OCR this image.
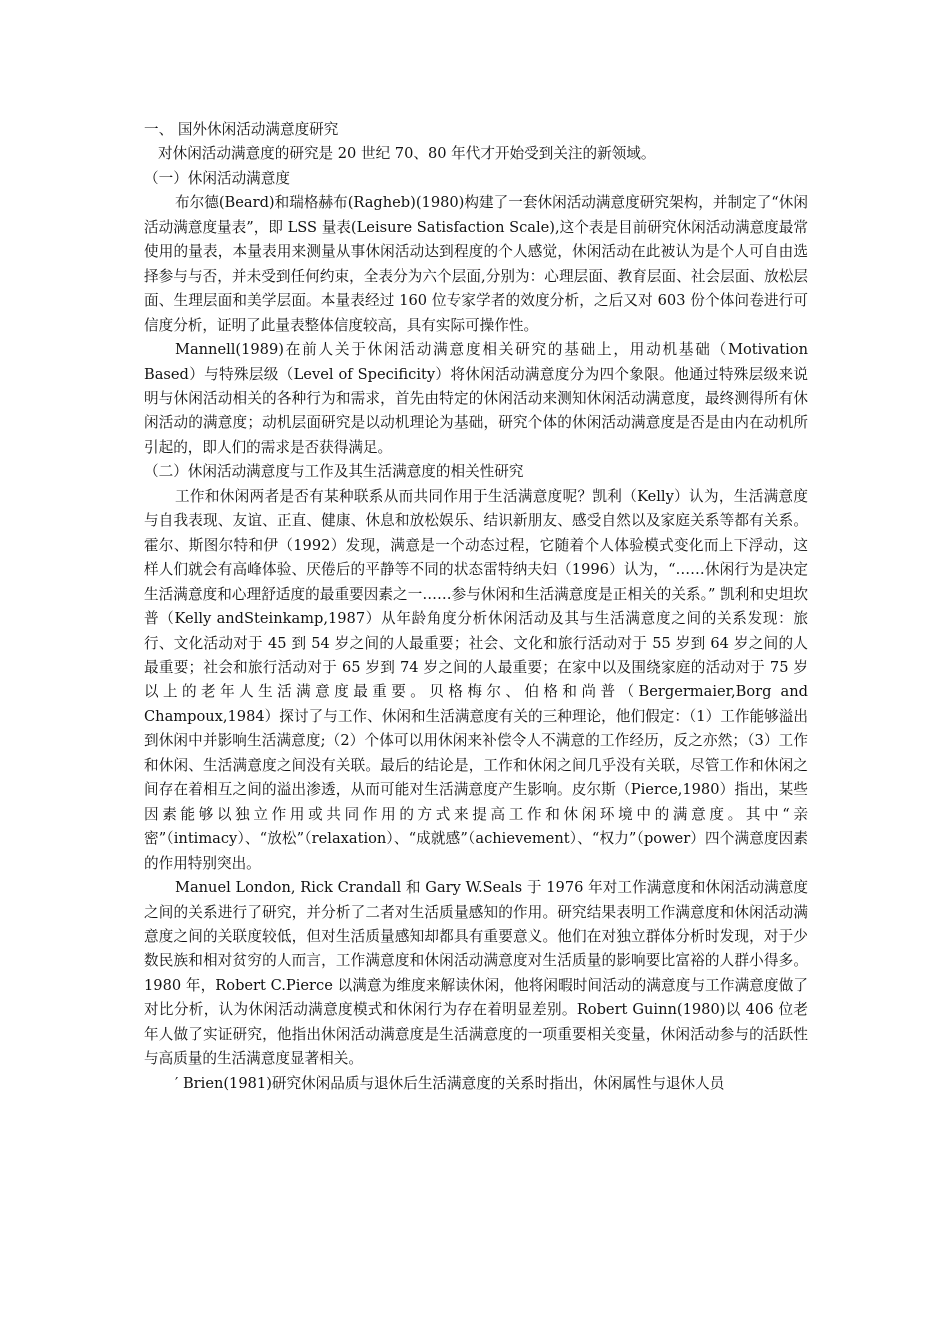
一、 国外休闲活动满意度研究

对休闲活动满意度的研究是 20 世纪 70、80 年代才开始受到关注的新领域。

（一）休闲活动满意度

布尔德(Beard)和瑞格赫布(Ragheb)(1980)构建了一套休闲活动满意度研究架构，并制定了“休闲活动满意度量表”，即 LSS 量表(Leisure Satisfaction Scale),这个表是目前研究休闲活动满意度最常使用的量表，本量表用来测量从事休闲活动达到程度的个人感觉，休闲活动在此被认为是个人可自由选择参与与否，并未受到任何约束，全表分为六个层面,分别为：心理层面、教育层面、社会层面、放松层面、生理层面和美学层面。本量表经过 160 位专家学者的效度分析，之后又对 603 份个体问卷进行可信度分析，证明了此量表整体信度较高，具有实际可操作性。

Mannell(1989)在前人关于休闲活动满意度相关研究的基础上，用动机基础（Motivation Based）与特殊层级（Level of Specificity）将休闲活动满意度分为四个象限。他通过特殊层级来说明与休闲活动相关的各种行为和需求，首先由特定的休闲活动来测知休闲活动满意度，最终测得所有休闲活动的满意度；动机层面研究是以动机理论为基础，研究个体的休闲活动满意度是否是由内在动机所引起的，即人们的需求是否获得满足。

（二）休闲活动满意度与工作及其生活满意度的相关性研究

工作和休闲两者是否有某种联系从而共同作用于生活满意度呢？凯利（Kelly）认为，生活满意度与自我表现、友谊、正直、健康、休息和放松娱乐、结识新朋友、感受自然以及家庭关系等都有关系。霍尔、斯图尔特和伊（1992）发现，满意是一个动态过程，它随着个人体验模式变化而上下浮动，这样人们就会有高峰体验、厌倦后的平静等不同的状态雷特纳夫妇（1996）认为，“……休闲行为是决定生活满意度和心理舒适度的最重要因素之一……参与休闲和生活满意度是正相关的关系。” 凯利和史坦坎普（Kelly andSteinkamp,1987）从年龄角度分析休闲活动及其与生活满意度之间的关系发现：旅行、文化活动对于 45 到 54 岁之间的人最重要；社会、文化和旅行活动对于 55 岁到 64 岁之间的人最重要；社会和旅行活动对于 65 岁到 74 岁之间的人最重要；在家中以及围绕家庭的活动对于 75 岁以上的老年人生活满意度最重要。贝格梅尔、伯格和尚普（Bergermaier,Borg and Champoux,1984）探讨了与工作、休闲和生活满意度有关的三种理论，他们假定：（1）工作能够溢出到休闲中并影响生活满意度;（2）个体可以用休闲来补偿令人不满意的工作经历，反之亦然；（3）工作和休闲、生活满意度之间没有关联。最后的结论是，工作和休闲之间几乎没有关联，尽管工作和休闲之间存在着相互之间的溢出渗透，从而可能对生活满意度产生影响。皮尔斯（Pierce,1980）指出，某些因素能够以独立作用或共同作用的方式来提高工作和休闲环境中的满意度。其中“亲密”（intimacy）、“放松”（relaxation）、“成就感”（achievement）、“权力”（power）四个满意度因素的作用特别突出。

Manuel London, Rick Crandall 和 Gary W.Seals 于 1976 年对工作满意度和休闲活动满意度之间的关系进行了研究，并分析了二者对生活质量感知的作用。研究结果表明工作满意度和休闲活动满意度之间的关联度较低，但对生活质量感知却都具有重要意义。他们在对独立群体分析时发现，对于少数民族和相对贫穷的人而言，工作满意度和休闲活动满意度对生活质量的影响要比富裕的人群小得多。1980 年，Robert C.Pierce 以满意为维度来解读休闲，他将闲暇时间活动的满意度与工作满意度做了对比分析，认为休闲活动满意度模式和休闲行为存在着明显差别。Robert Guinn(1980)以 406 位老年人做了实证研究，他指出休闲活动满意度是生活满意度的一项重要相关变量，休闲活动参与的活跃性与高质量的生活满意度显著相关。

′ Brien(1981)研究休闲品质与退休后生活满意度的关系时指出，休闲属性与退休人员
